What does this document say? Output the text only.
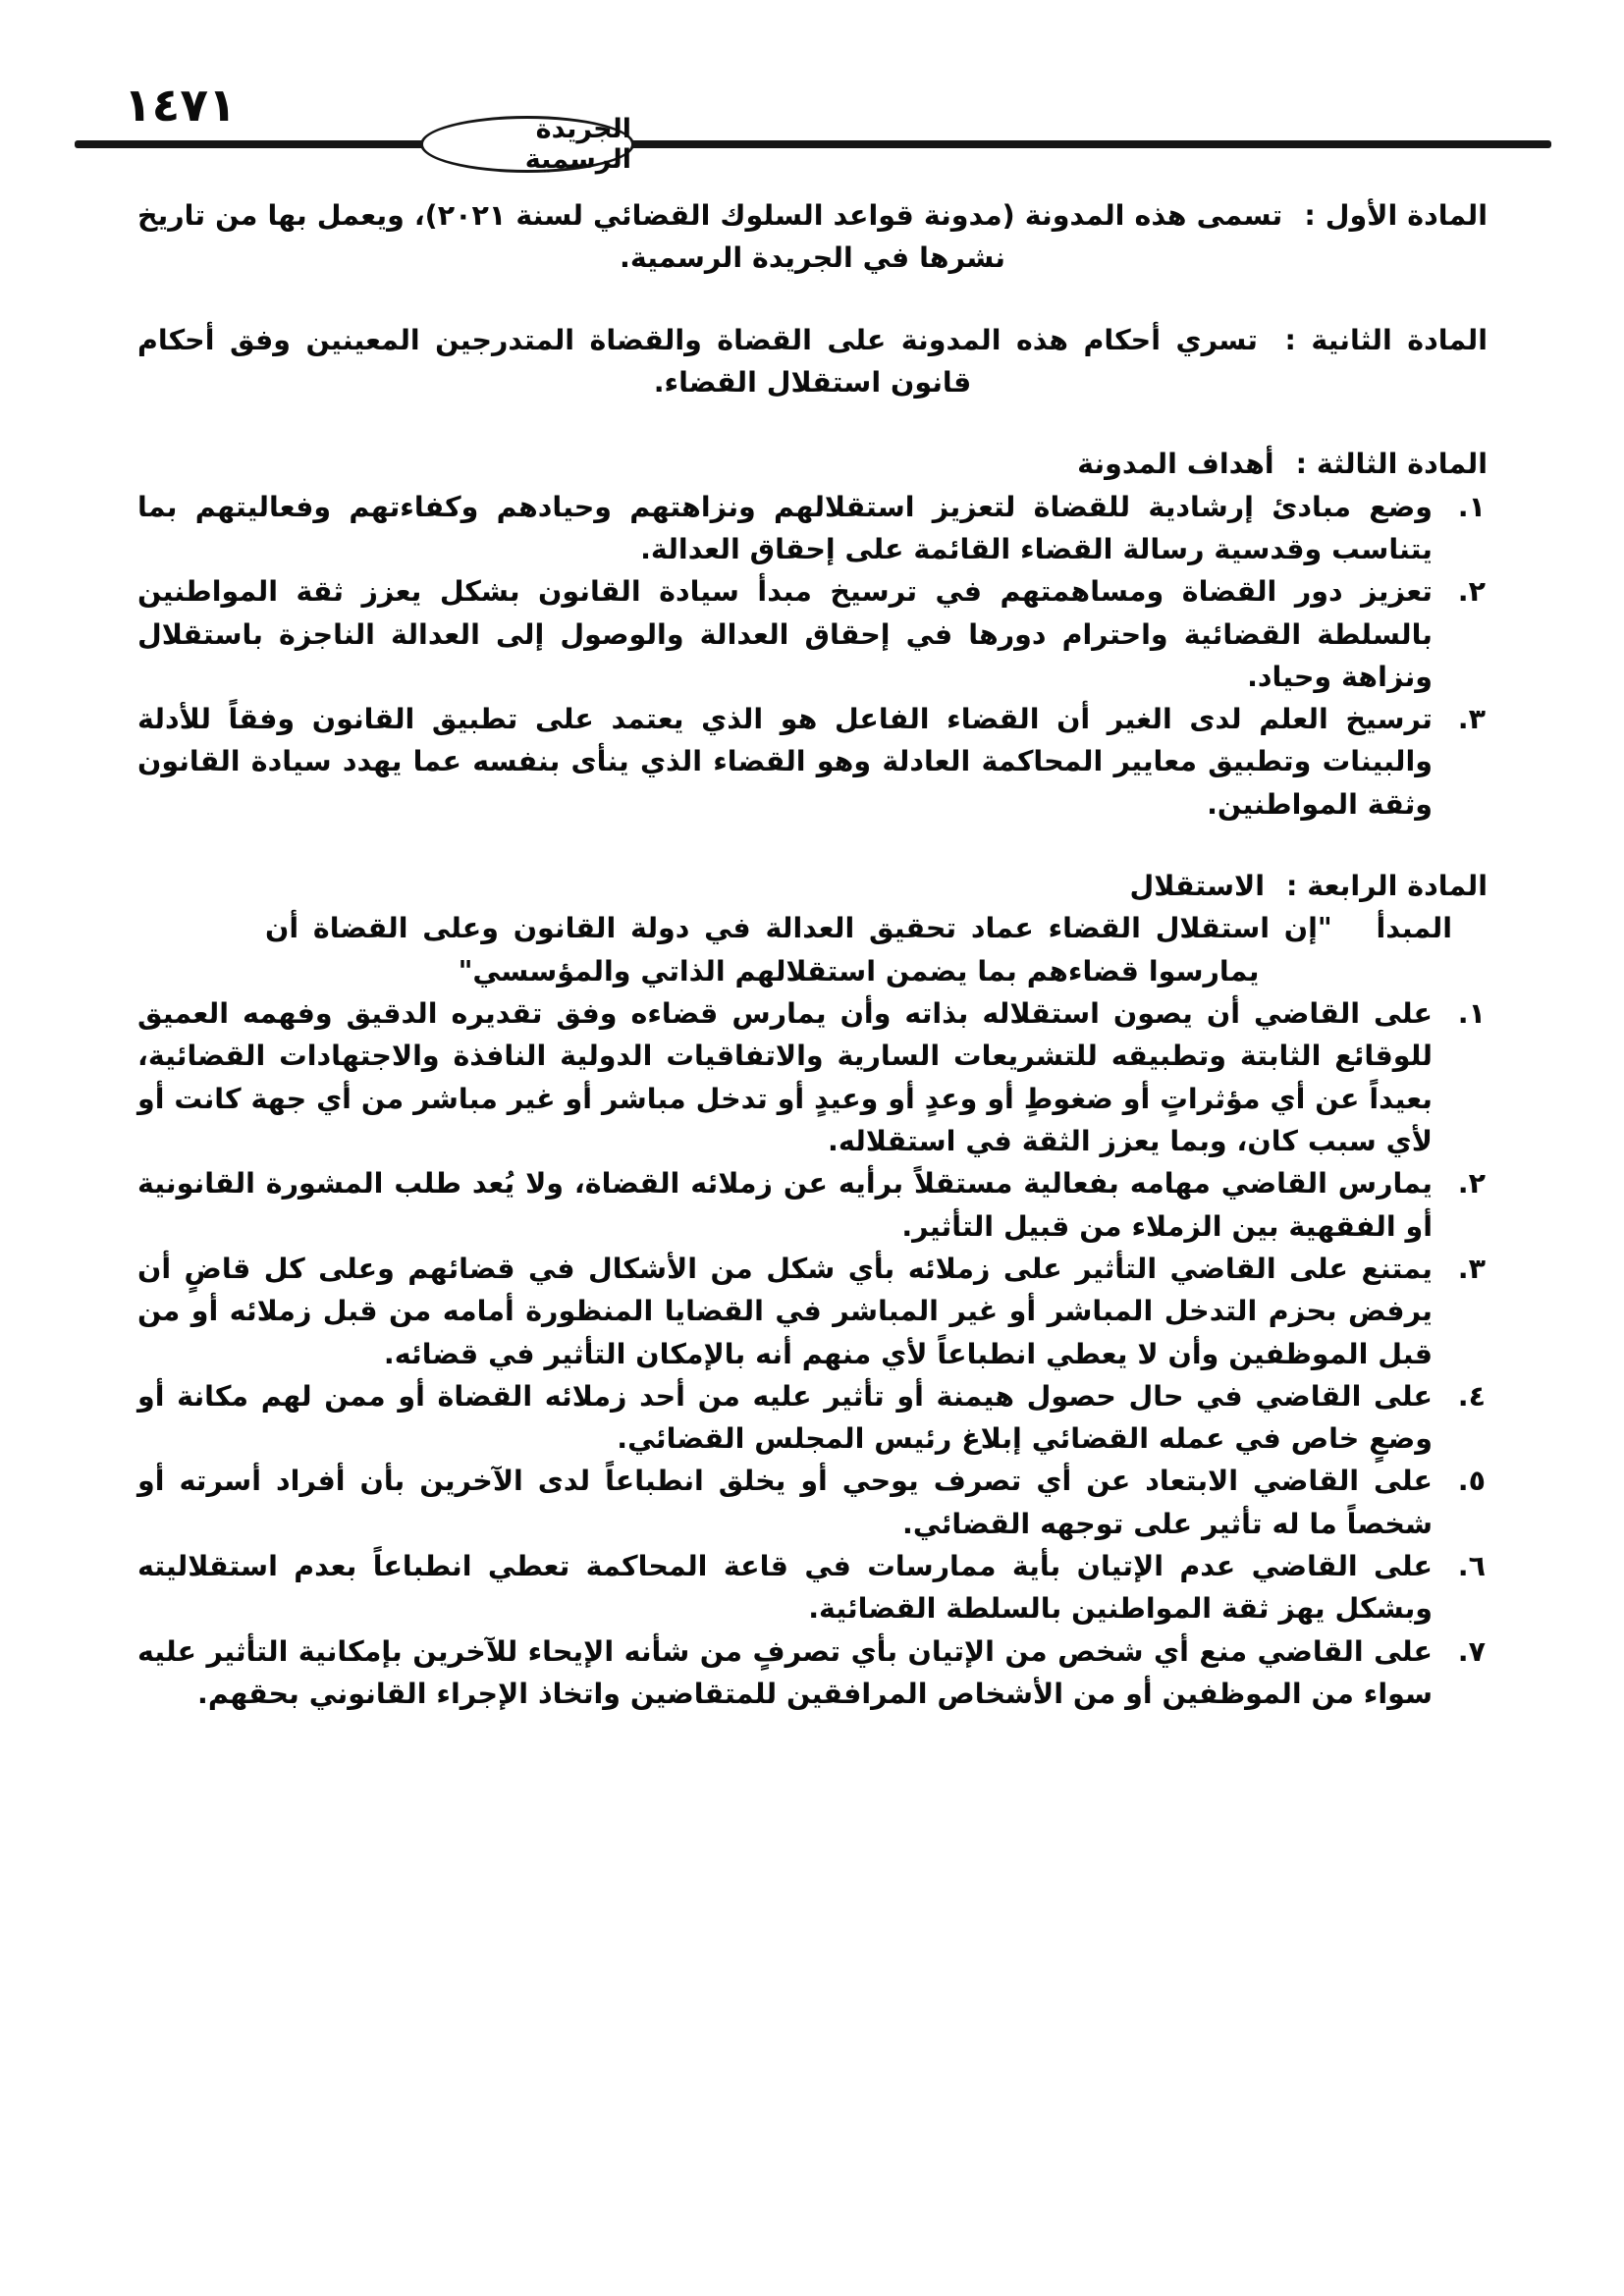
١٤٧١	الجريدة الرسمية

المادة الأول : تسمى هذه المدونة (مدونة قواعد السلوك القضائي لسنة ٢٠٢١)، ويعمل بها من تاريخ نشرها في الجريدة الرسمية.

المادة الثانية : تسري أحكام هذه المدونة على القضاة والقضاة المتدرجين المعينين وفق أحكام قانون استقلال القضاء.

المادة الثالثة : أهداف المدونة

١.
وضع مبادئ إرشادية للقضاة لتعزيز استقلالهم ونزاهتهم وحيادهم وكفاءتهم وفعاليتهم بما يتناسب وقدسية رسالة القضاء القائمة على إحقاق العدالة.

٢.
تعزيز دور القضاة ومساهمتهم في ترسيخ مبدأ سيادة القانون بشكل يعزز ثقة المواطنين بالسلطة القضائية واحترام دورها في إحقاق العدالة والوصول إلى العدالة الناجزة باستقلال ونزاهة وحياد.

٣.
ترسيخ العلم لدى الغير أن القضاء الفاعل هو الذي يعتمد على تطبيق القانون وفقاً للأدلة والبينات وتطبيق معايير المحاكمة العادلة وهو القضاء الذي ينأى بنفسه عما يهدد سيادة القانون وثقة المواطنين.

المادة الرابعة : الاستقلال

المبدأ "إن استقلال القضاء عماد تحقيق العدالة في دولة القانون وعلى القضاة أن يمارسوا قضاءهم بما يضمن استقلالهم الذاتي والمؤسسي"

١.
على القاضي أن يصون استقلاله بذاته وأن يمارس قضاءه وفق تقديره الدقيق وفهمه العميق للوقائع الثابتة وتطبيقه للتشريعات السارية والاتفاقيات الدولية النافذة والاجتهادات القضائية، بعيداً عن أي مؤثراتٍ أو ضغوطٍ أو وعدٍ أو وعيدٍ أو تدخل مباشر أو غير مباشر من أي جهة كانت أو لأي سبب كان، وبما يعزز الثقة في استقلاله.

٢.
يمارس القاضي مهامه بفعالية مستقلاً برأيه عن زملائه القضاة، ولا يُعد طلب المشورة القانونية أو الفقهية بين الزملاء من قبيل التأثير.

٣.
يمتنع على القاضي التأثير على زملائه بأي شكل من الأشكال في قضائهم وعلى كل قاضٍ أن يرفض بحزم التدخل المباشر أو غير المباشر في القضايا المنظورة أمامه من قبل زملائه أو من قبل الموظفين وأن لا يعطي انطباعاً لأي منهم أنه بالإمكان التأثير في قضائه.

٤.
على القاضي في حال حصول هيمنة أو تأثير عليه من أحد زملائه القضاة أو ممن لهم مكانة أو وضعٍ خاص في عمله القضائي إبلاغ رئيس المجلس القضائي.

٥.
على القاضي الابتعاد عن أي تصرف يوحي أو يخلق انطباعاً لدى الآخرين بأن أفراد أسرته أو شخصاً ما له تأثير على توجهه القضائي.

٦.
على القاضي عدم الإتيان بأية ممارسات في قاعة المحاكمة تعطي انطباعاً بعدم استقلاليته وبشكل يهز ثقة المواطنين بالسلطة القضائية.

٧.
على القاضي منع أي شخص من الإتيان بأي تصرفٍ من شأنه الإيحاء للآخرين بإمكانية التأثير عليه سواء من الموظفين أو من الأشخاص المرافقين للمتقاضين واتخاذ الإجراء القانوني بحقهم.
